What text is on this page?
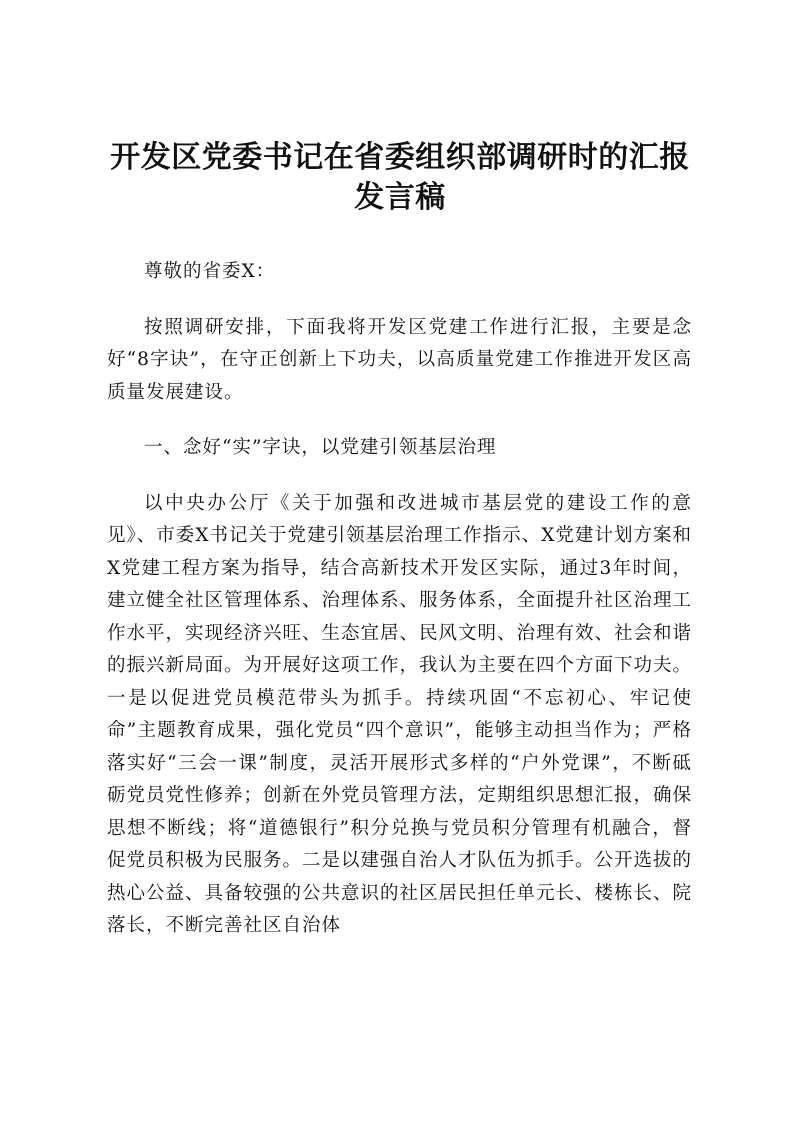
开发区党委书记在省委组织部调研时的汇报发言稿

尊敬的省委X：

按照调研安排，下面我将开发区党建工作进行汇报，主要是念好“8字诀”，在守正创新上下功夫，以高质量党建工作推进开发区高质量发展建设。

一、念好“实”字诀，以党建引领基层治理

以中央办公厅《关于加强和改进城市基层党的建设工作的意见》、市委X书记关于党建引领基层治理工作指示、X党建计划方案和X党建工程方案为指导，结合高新技术开发区实际，通过3年时间，建立健全社区管理体系、治理体系、服务体系，全面提升社区治理工作水平，实现经济兴旺、生态宜居、民风文明、治理有效、社会和谐的振兴新局面。为开展好这项工作，我认为主要在四个方面下功夫。一是以促进党员模范带头为抓手。持续巩固“不忘初心、牢记使命”主题教育成果，强化党员“四个意识”，能够主动担当作为；严格落实好“三会一课”制度，灵活开展形式多样的“户外党课”，不断砥砺党员党性修养；创新在外党员管理方法，定期组织思想汇报，确保思想不断线；将“道德银行”积分兑换与党员积分管理有机融合，督促党员积极为民服务。二是以建强自治人才队伍为抓手。公开选拔的热心公益、具备较强的公共意识的社区居民担任单元长、楼栋长、院落长，不断完善社区自治体
